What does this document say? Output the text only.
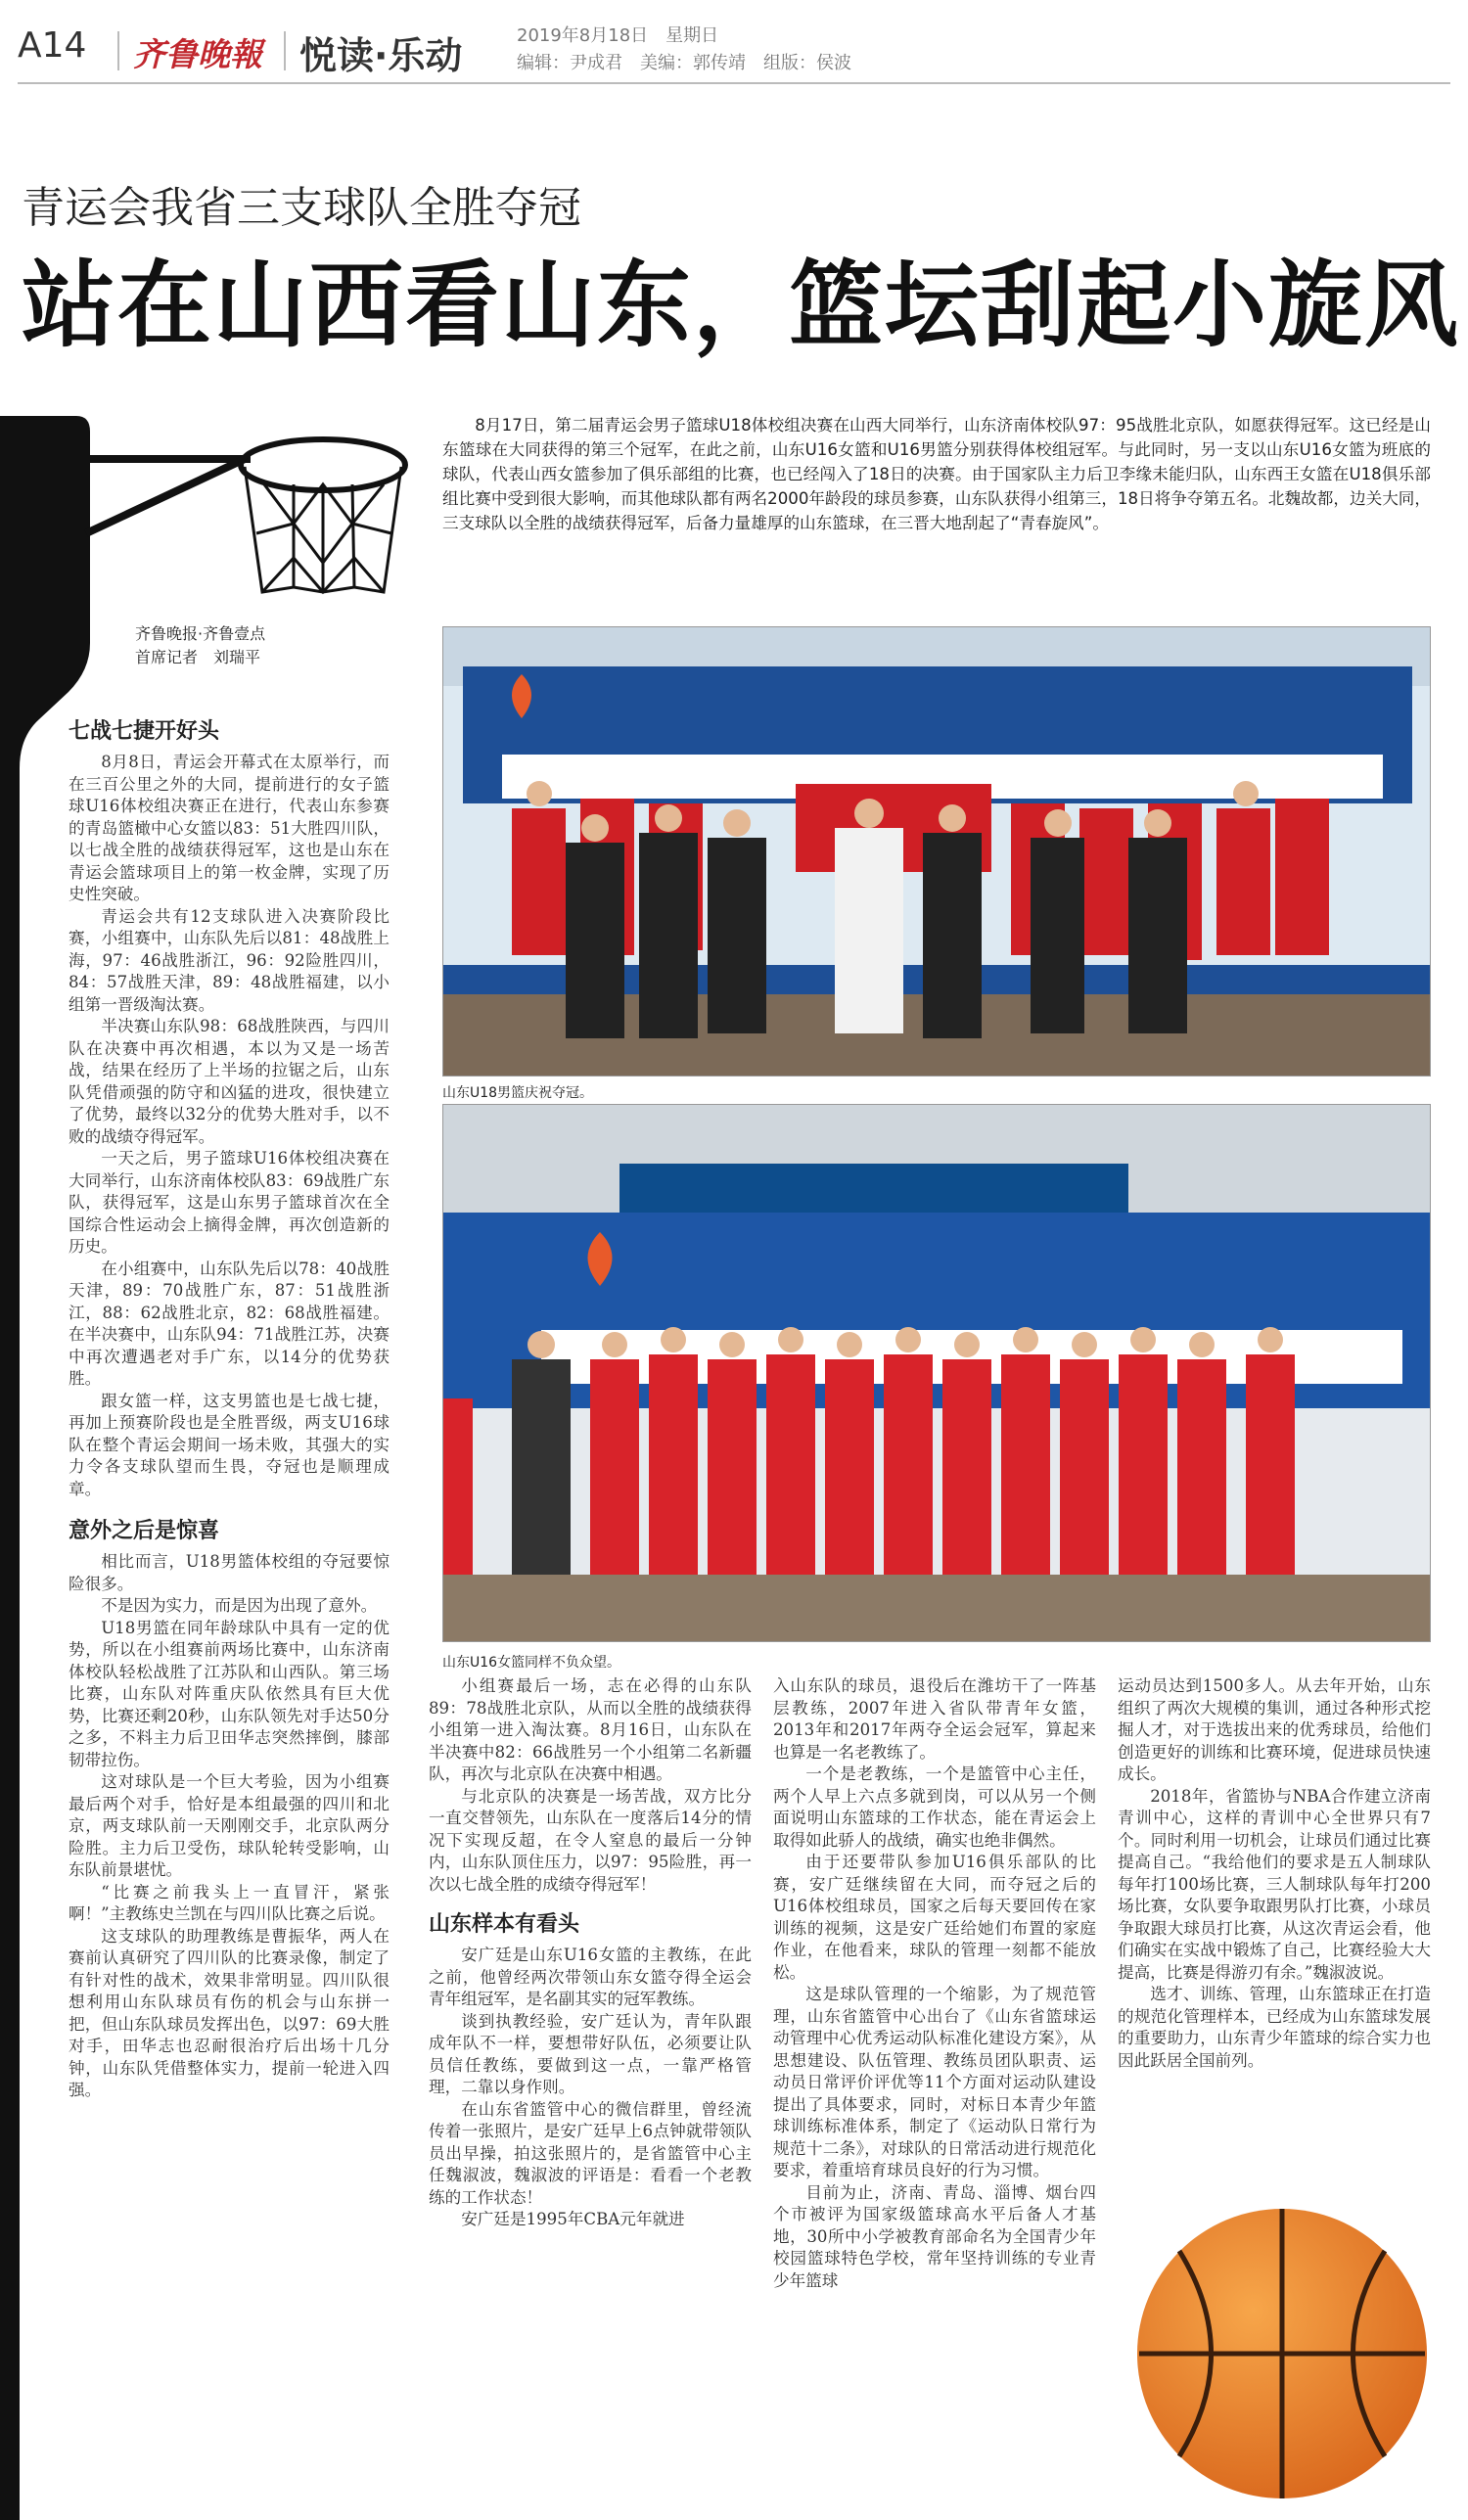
A14 齐鲁晚報 悦读·乐动	2019年8月18日　星期日
编辑：尹成君　美编：郭传靖　组版：侯波
青运会我省三支球队全胜夺冠
站在山西看山东，篮坛刮起小旋风
齐鲁晚报·齐鲁壹点
首席记者　刘瑞平
8月17日，第二届青运会男子篮球U18体校组决赛在山西大同举行，山东济南体校队97：95战胜北京队，如愿获得冠军。这已经是山东篮球在大同获得的第三个冠军，在此之前，山东U16女篮和U16男篮分别获得体校组冠军。与此同时，另一支以山东U16女篮为班底的球队，代表山西女篮参加了俱乐部组的比赛，也已经闯入了18日的决赛。由于国家队主力后卫李缘未能归队，山东西王女篮在U18俱乐部组比赛中受到很大影响，而其他球队都有两名2000年龄段的球员参赛，山东队获得小组第三，18日将争夺第五名。北魏故都，边关大同，三支球队以全胜的战绩获得冠军，后备力量雄厚的山东篮球，在三晋大地刮起了“青春旋风”。
山东U18男篮庆祝夺冠。
山东U16女篮同样不负众望。
七战七捷开好头

8月8日，青运会开幕式在太原举行，而在三百公里之外的大同，提前进行的女子篮球U16体校组决赛正在进行，代表山东参赛的青岛篮橄中心女篮以83：51大胜四川队，以七战全胜的战绩获得冠军，这也是山东在青运会篮球项目上的第一枚金牌，实现了历史性突破。

青运会共有12支球队进入决赛阶段比赛，小组赛中，山东队先后以81：48战胜上海，97：46战胜浙江，96：92险胜四川，84：57战胜天津，89：48战胜福建，以小组第一晋级淘汰赛。

半决赛山东队98：68战胜陕西，与四川队在决赛中再次相遇，本以为又是一场苦战，结果在经历了上半场的拉锯之后，山东队凭借顽强的防守和凶猛的进攻，很快建立了优势，最终以32分的优势大胜对手，以不败的战绩夺得冠军。

一天之后，男子篮球U16体校组决赛在大同举行，山东济南体校队83：69战胜广东队，获得冠军，这是山东男子篮球首次在全国综合性运动会上摘得金牌，再次创造新的历史。

在小组赛中，山东队先后以78：40战胜天津，89：70战胜广东，87：51战胜浙江，88：62战胜北京，82：68战胜福建。在半决赛中，山东队94：71战胜江苏，决赛中再次遭遇老对手广东，以14分的优势获胜。

跟女篮一样，这支男篮也是七战七捷，再加上预赛阶段也是全胜晋级，两支U16球队在整个青运会期间一场未败，其强大的实力令各支球队望而生畏，夺冠也是顺理成章。

意外之后是惊喜

相比而言，U18男篮体校组的夺冠要惊险很多。

不是因为实力，而是因为出现了意外。

U18男篮在同年龄球队中具有一定的优势，所以在小组赛前两场比赛中，山东济南体校队轻松战胜了江苏队和山西队。第三场比赛，山东队对阵重庆队依然具有巨大优势，比赛还剩20秒，山东队领先对手达50分之多，不料主力后卫田华志突然摔倒，膝部韧带拉伤。

这对球队是一个巨大考验，因为小组赛最后两个对手，恰好是本组最强的四川和北京，两支球队前一天刚刚交手，北京队两分险胜。主力后卫受伤，球队轮转受影响，山东队前景堪忧。

“比赛之前我头上一直冒汗，紧张啊！”主教练史兰凯在与四川队比赛之后说。

这支球队的助理教练是曹振华，两人在赛前认真研究了四川队的比赛录像，制定了有针对性的战术，效果非常明显。四川队很想利用山东队球员有伤的机会与山东拼一把，但山东队球员发挥出色，以97：69大胜对手，田华志也忍耐很治疗后出场十几分钟，山东队凭借整体实力，提前一轮进入四强。

小组赛最后一场，志在必得的山东队89：78战胜北京队，从而以全胜的战绩获得小组第一进入淘汰赛。8月16日，山东队在半决赛中82：66战胜另一个小组第二名新疆队，再次与北京队在决赛中相遇。

与北京队的决赛是一场苦战，双方比分一直交替领先，山东队在一度落后14分的情况下实现反超，在令人窒息的最后一分钟内，山东队顶住压力，以97：95险胜，再一次以七战全胜的成绩夺得冠军！

山东样本有看头

安广廷是山东U16女篮的主教练，在此之前，他曾经两次带领山东女篮夺得全运会青年组冠军，是名副其实的冠军教练。

谈到执教经验，安广廷认为，青年队跟成年队不一样，要想带好队伍，必须要让队员信任教练，要做到这一点，一靠严格管理，二靠以身作则。

在山东省篮管中心的微信群里，曾经流传着一张照片，是安广廷早上6点钟就带领队员出早操，拍这张照片的，是省篮管中心主任魏淑波，魏淑波的评语是：看看一个老教练的工作状态！

安广廷是1995年CBA元年就进

入山东队的球员，退役后在潍坊干了一阵基层教练，2007年进入省队带青年女篮，2013年和2017年两夺全运会冠军，算起来也算是一名老教练了。

一个是老教练，一个是篮管中心主任，两个人早上六点多就到岗，可以从另一个侧面说明山东篮球的工作状态，能在青运会上取得如此骄人的战绩，确实也绝非偶然。

由于还要带队参加U16俱乐部队的比赛，安广廷继续留在大同，而夺冠之后的U16体校组球员，国家之后每天要回传在家训练的视频，这是安广廷给她们布置的家庭作业，在他看来，球队的管理一刻都不能放松。

这是球队管理的一个缩影，为了规范管理，山东省篮管中心出台了《山东省篮球运动管理中心优秀运动队标准化建设方案》，从思想建设、队伍管理、教练员团队职责、运动员日常评价评优等11个方面对运动队建设提出了具体要求，同时，对标日本青少年篮球训练标准体系，制定了《运动队日常行为规范十二条》，对球队的日常活动进行规范化要求，着重培育球员良好的行为习惯。

目前为止，济南、青岛、淄博、烟台四个市被评为国家级篮球高水平后备人才基地，30所中小学被教育部命名为全国青少年校园篮球特色学校，常年坚持训练的专业青少年篮球

运动员达到1500多人。从去年开始，山东组织了两次大规模的集训，通过各种形式挖掘人才，对于选拔出来的优秀球员，给他们创造更好的训练和比赛环境，促进球员快速成长。

2018年，省篮协与NBA合作建立济南青训中心，这样的青训中心全世界只有7个。同时利用一切机会，让球员们通过比赛提高自己。“我给他们的要求是五人制球队每年打100场比赛，三人制球队每年打200场比赛，女队要争取跟男队打比赛，小球员争取跟大球员打比赛，从这次青运会看，他们确实在实战中锻炼了自己，比赛经验大大提高，比赛是得游刃有余。”魏淑波说。

选才、训练、管理，山东篮球正在打造的规范化管理样本，已经成为山东篮球发展的重要助力，山东青少年篮球的综合实力也因此跃居全国前列。
